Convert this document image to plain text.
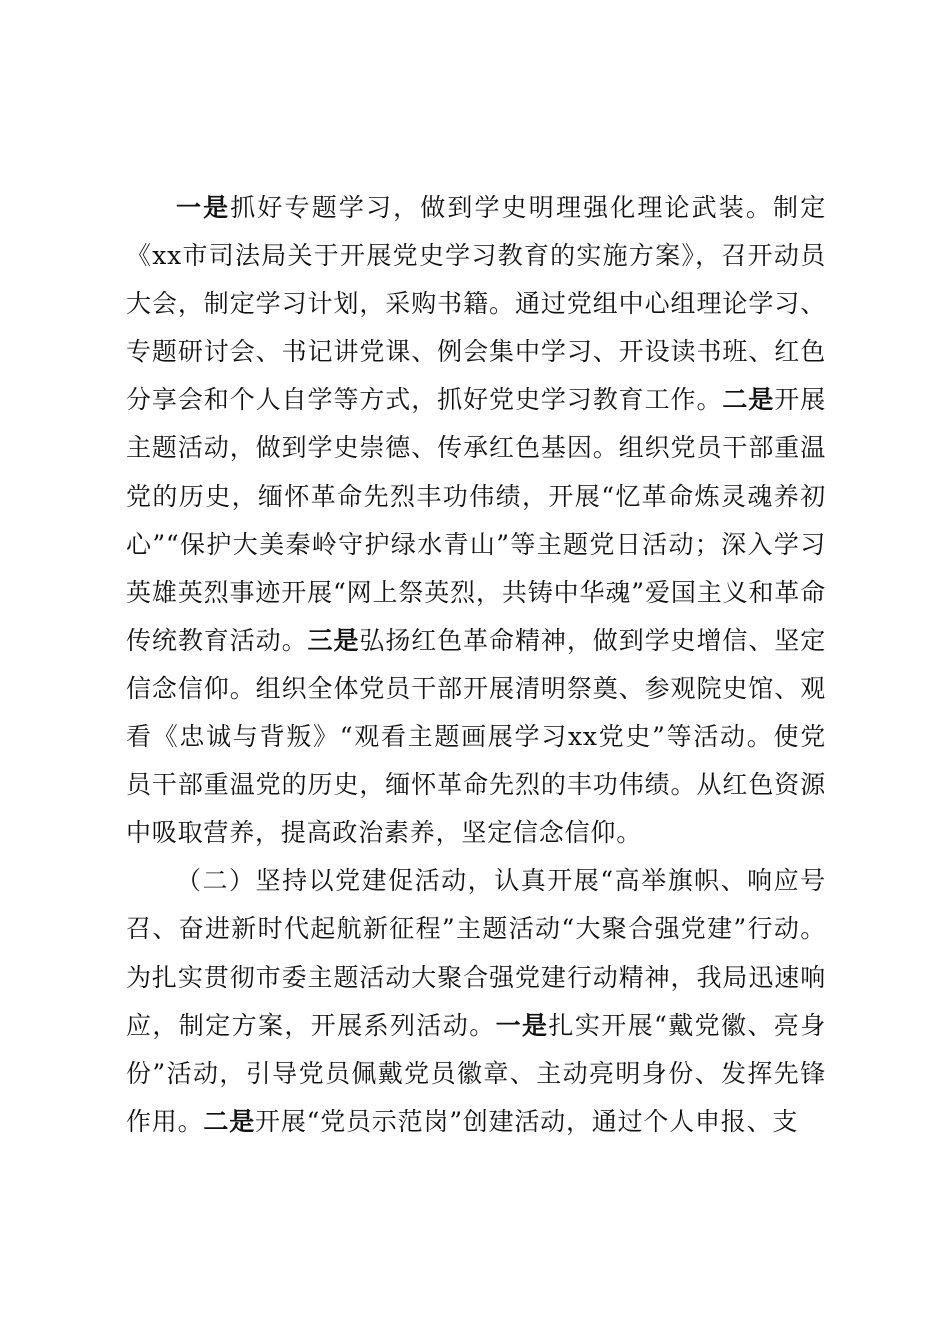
一是抓好专题学习，做到学史明理强化理论武装。制定《xx市司法局关于开展党史学习教育的实施方案》，召开动员大会，制定学习计划，采购书籍。通过党组中心组理论学习、专题研讨会、书记讲党课、例会集中学习、开设读书班、红色分享会和个人自学等方式，抓好党史学习教育工作。二是开展主题活动，做到学史崇德、传承红色基因。组织党员干部重温党的历史，缅怀革命先烈丰功伟绩，开展“忆革命炼灵魂养初心”“保护大美秦岭守护绿水青山”等主题党日活动；深入学习英雄英烈事迹开展“网上祭英烈，共铸中华魂”爱国主义和革命传统教育活动。三是弘扬红色革命精神，做到学史增信、坚定信念信仰。组织全体党员干部开展清明祭奠、参观院史馆、观看《忠诚与背叛》“观看主题画展学习xx党史”等活动。使党员干部重温党的历史，缅怀革命先烈的丰功伟绩。从红色资源中吸取营养，提高政治素养，坚定信念信仰。

（二）坚持以党建促活动，认真开展“高举旗帜、响应号召、奋进新时代起航新征程”主题活动“大聚合强党建”行动。为扎实贯彻市委主题活动大聚合强党建行动精神，我局迅速响应，制定方案，开展系列活动。一是扎实开展“戴党徽、亮身份”活动，引导党员佩戴党员徽章、主动亮明身份、发挥先锋作用。二是开展“党员示范岗”创建活动，通过个人申报、支
